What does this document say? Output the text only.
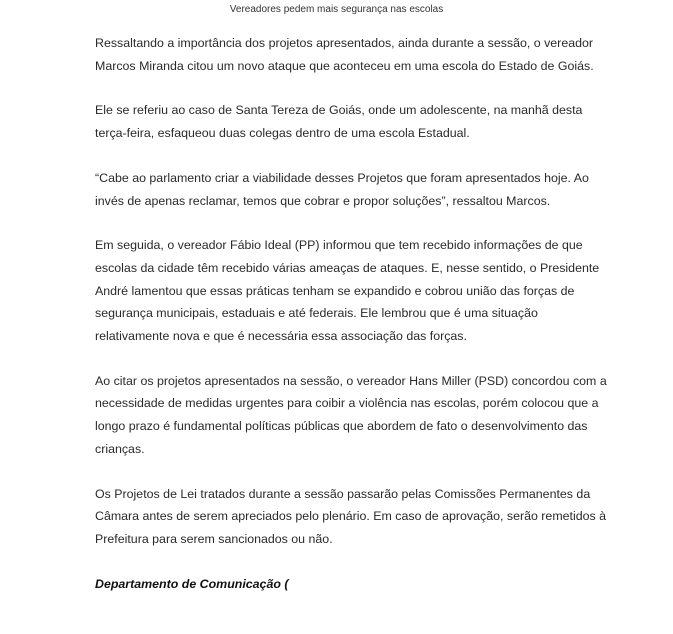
Vereadores pedem mais segurança nas escolas

Ressaltando a importância dos projetos apresentados, ainda durante a sessão, o vereador Marcos Miranda citou um novo ataque que aconteceu em uma escola do Estado de Goiás.

Ele se referiu ao caso de Santa Tereza de Goiás, onde um adolescente, na manhã desta terça-feira, esfaqueou duas colegas dentro de uma escola Estadual.

“Cabe ao parlamento criar a viabilidade desses Projetos que foram apresentados hoje. Ao invés de apenas reclamar, temos que cobrar e propor soluções”, ressaltou Marcos.

Em seguida, o vereador Fábio Ideal (PP) informou que tem recebido informações de que escolas da cidade têm recebido várias ameaças de ataques. E, nesse sentido, o Presidente André lamentou que essas práticas tenham se expandido e cobrou união das forças de segurança municipais, estaduais e até federais. Ele lembrou que é uma situação relativamente nova e que é necessária essa associação das forças.

Ao citar os projetos apresentados na sessão, o vereador Hans Miller (PSD) concordou com a necessidade de medidas urgentes para coibir a violência nas escolas, porém colocou que a longo prazo é fundamental políticas públicas que abordem de fato o desenvolvimento das crianças.

Os Projetos de Lei tratados durante a sessão passarão pelas Comissões Permanentes da Câmara antes de serem apreciados pelo plenário. Em caso de aprovação, serão remetidos à Prefeitura para serem sancionados ou não.

Departamento de Comunicação (
